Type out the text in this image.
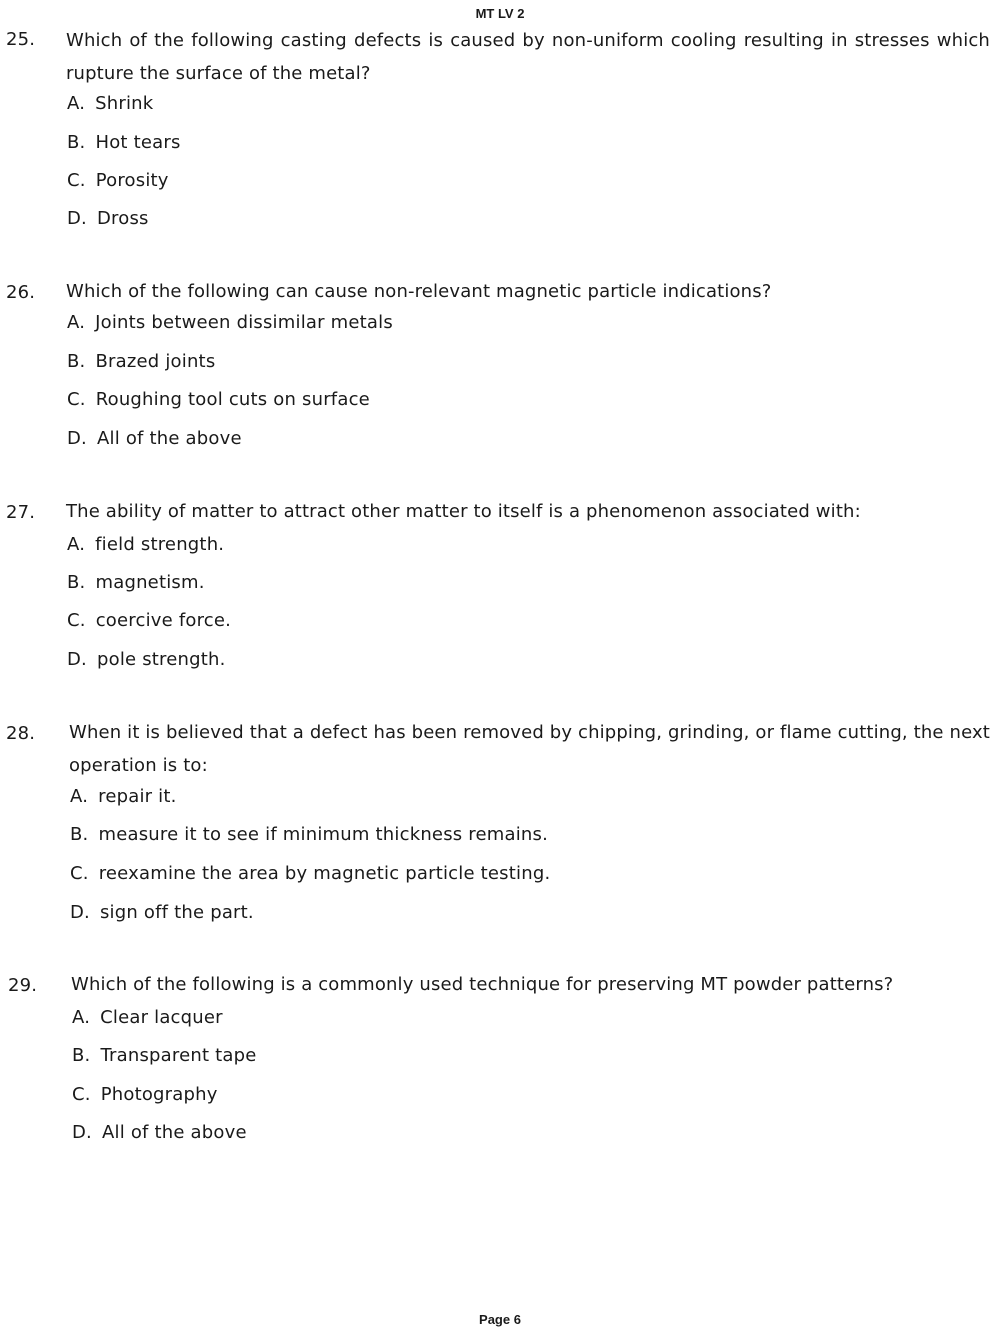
MT LV 2
25. Which of the following casting defects is caused by non-uniform cooling resulting in stresses which rupture the surface of the metal?

A. Shrink
B. Hot tears
C. Porosity
D. Dross
26. Which of the following can cause non-relevant magnetic particle indications?

A. Joints between dissimilar metals
B. Brazed joints
C. Roughing tool cuts on surface
D. All of the above
27. The ability of matter to attract other matter to itself is a phenomenon associated with:

A. field strength.
B. magnetism.
C. coercive force.
D. pole strength.
28. When it is believed that a defect has been removed by chipping, grinding, or flame cutting, the next operation is to:

A. repair it.
B. measure it to see if minimum thickness remains.
C. reexamine the area by magnetic particle testing.
D. sign off the part.
29. Which of the following is a commonly used technique for preserving MT powder patterns?

A. Clear lacquer
B. Transparent tape
C. Photography
D. All of the above
Page 6
